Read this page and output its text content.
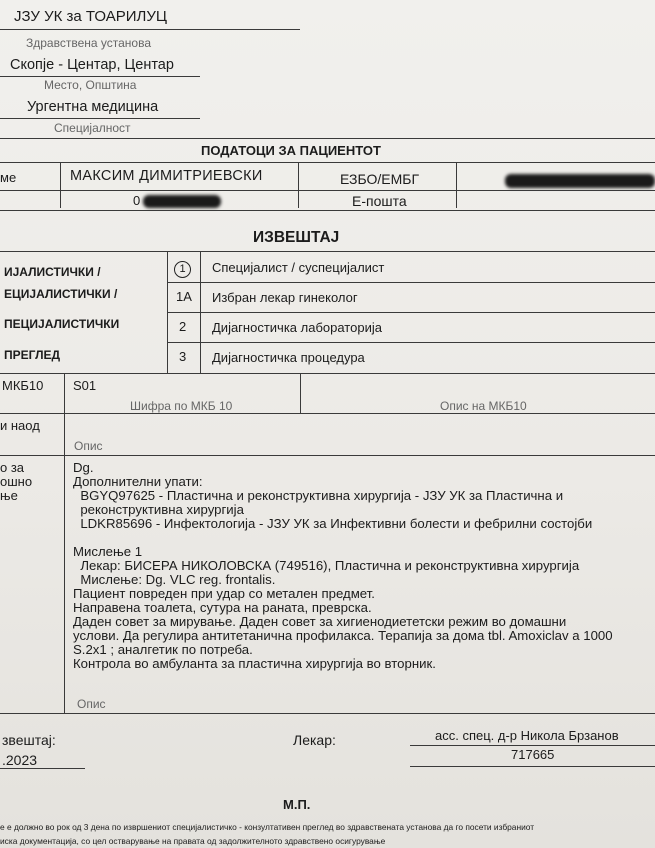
ЈЗУ УК за ТОАРИЛУЦ
Здравствена установа
Скопје - Центар, Центар
Место, Општина
Ургентна медицина
Специјалност
ПОДАТОЦИ ЗА ПАЦИЕНТОТ
ме	МАКСИМ ДИМИТРИЕВСКИ	ЕЗБО/ЕМБГ
0	Е-пошта
ИЗВЕШТАЈ
ИЈАЛИСТИЧКИ /
ЕЦИЈАЛИСТИЧКИ /
ПЕЦИЈАЛИСТИЧКИ
ПРЕГЛЕД
1	Специјалист / суспецијалист
1А Избран лекар гинеколог
2 Дијагностичка лабораторија
3 Дијагностичка процедура
МКБ10 S01
Шифра по МКБ 10	Опис на МКБ10
и наод
Опис
о за
ошно
ње
Dg.
Дополнителни упати:
BGYQ97625 - Пластична и реконструктивна хирургија - ЈЗУ УК за Пластична и
реконструктивна хирургија
LDKR85696 - Инфектологија - ЈЗУ УК за Инфективни болести и фебрилни состојби
Мислење 1
Лекар: БИСЕРА НИКОЛОВСКА (749516), Пластична и реконструктивна хирургија
Мислење: Dg. VLC reg. frontalis.
Пациент повреден при удар со метален предмет.
Направена тоалета, сутура на раната, преврска.
Даден совет за мирување. Даден совет за хигиенодиететски режим во домашни
услови. Да регулира антитетанична профилакса. Терапија за дома tbl. Amoxiclav а 1000
S.2x1 ; аналгетик по потреба.
Контрола во амбуланта за пластична хирургија во вторник.
Опис
звештај:
.2023
Лекар:	асс. спец. д-р Никола Брзанов
717665
М.П.
е е должно во рок од 3 дена по извршениот специјалистичко - конзултативен преглед во здравствената установа да го посети избраниот
иска документација, со цел остварување на правата од задолжителното здравствено осигурување
